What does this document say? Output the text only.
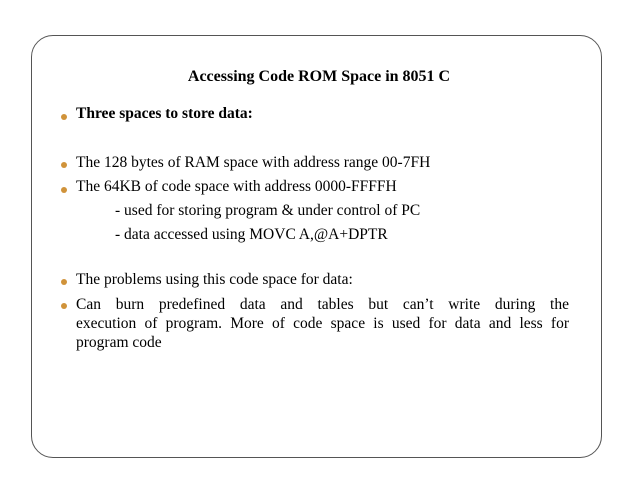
Accessing Code ROM Space in 8051 C
Three spaces to store data:
The 128 bytes of RAM space with address range 00-7FH
The 64KB of code space with address 0000-FFFFH
- used for storing program & under control of PC
- data accessed using MOVC A,@A+DPTR
The problems using this code space for data:
Can burn predefined data and tables but can’t write during the
execution of program. More of code space is used for data and less for
program code
